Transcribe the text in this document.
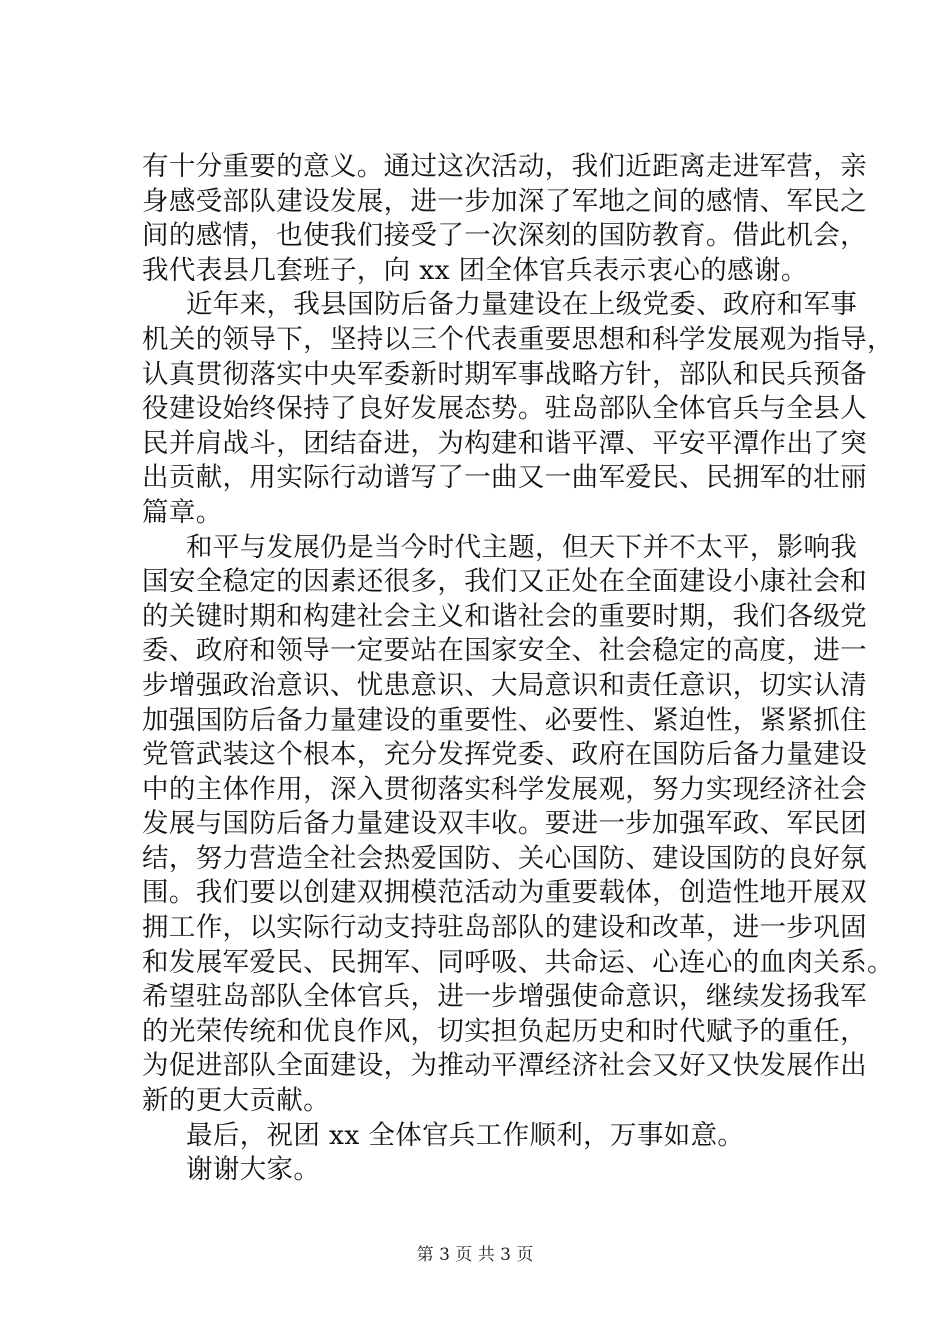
有十分重要的意义。通过这次活动，我们近距离走进军营，亲
身感受部队建设发展，进一步加深了军地之间的感情、军民之
间的感情，也使我们接受了一次深刻的国防教育。借此机会，
我代表县几套班子，向 xx 团全体官兵表示衷心的感谢。
近年来，我县国防后备力量建设在上级党委、政府和军事
机关的领导下，坚持以三个代表重要思想和科学发展观为指导，
认真贯彻落实中央军委新时期军事战略方针，部队和民兵预备
役建设始终保持了良好发展态势。驻岛部队全体官兵与全县人
民并肩战斗，团结奋进，为构建和谐平潭、平安平潭作出了突
出贡献，用实际行动谱写了一曲又一曲军爱民、民拥军的壮丽
篇章。
和平与发展仍是当今时代主题，但天下并不太平，影响我
国安全稳定的因素还很多，我们又正处在全面建设小康社会和
的关键时期和构建社会主义和谐社会的重要时期，我们各级党
委、政府和领导一定要站在国家安全、社会稳定的高度，进一
步增强政治意识、忧患意识、大局意识和责任意识，切实认清
加强国防后备力量建设的重要性、必要性、紧迫性，紧紧抓住
党管武装这个根本，充分发挥党委、政府在国防后备力量建设
中的主体作用，深入贯彻落实科学发展观，努力实现经济社会
发展与国防后备力量建设双丰收。要进一步加强军政、军民团
结，努力营造全社会热爱国防、关心国防、建设国防的良好氛
围。我们要以创建双拥模范活动为重要载体，创造性地开展双
拥工作，以实际行动支持驻岛部队的建设和改革，进一步巩固
和发展军爱民、民拥军、同呼吸、共命运、心连心的血肉关系。
希望驻岛部队全体官兵，进一步增强使命意识，继续发扬我军
的光荣传统和优良作风，切实担负起历史和时代赋予的重任，
为促进部队全面建设，为推动平潭经济社会又好又快发展作出
新的更大贡献。
最后，祝团 xx 全体官兵工作顺利，万事如意。
谢谢大家。
第 3 页 共 3 页
